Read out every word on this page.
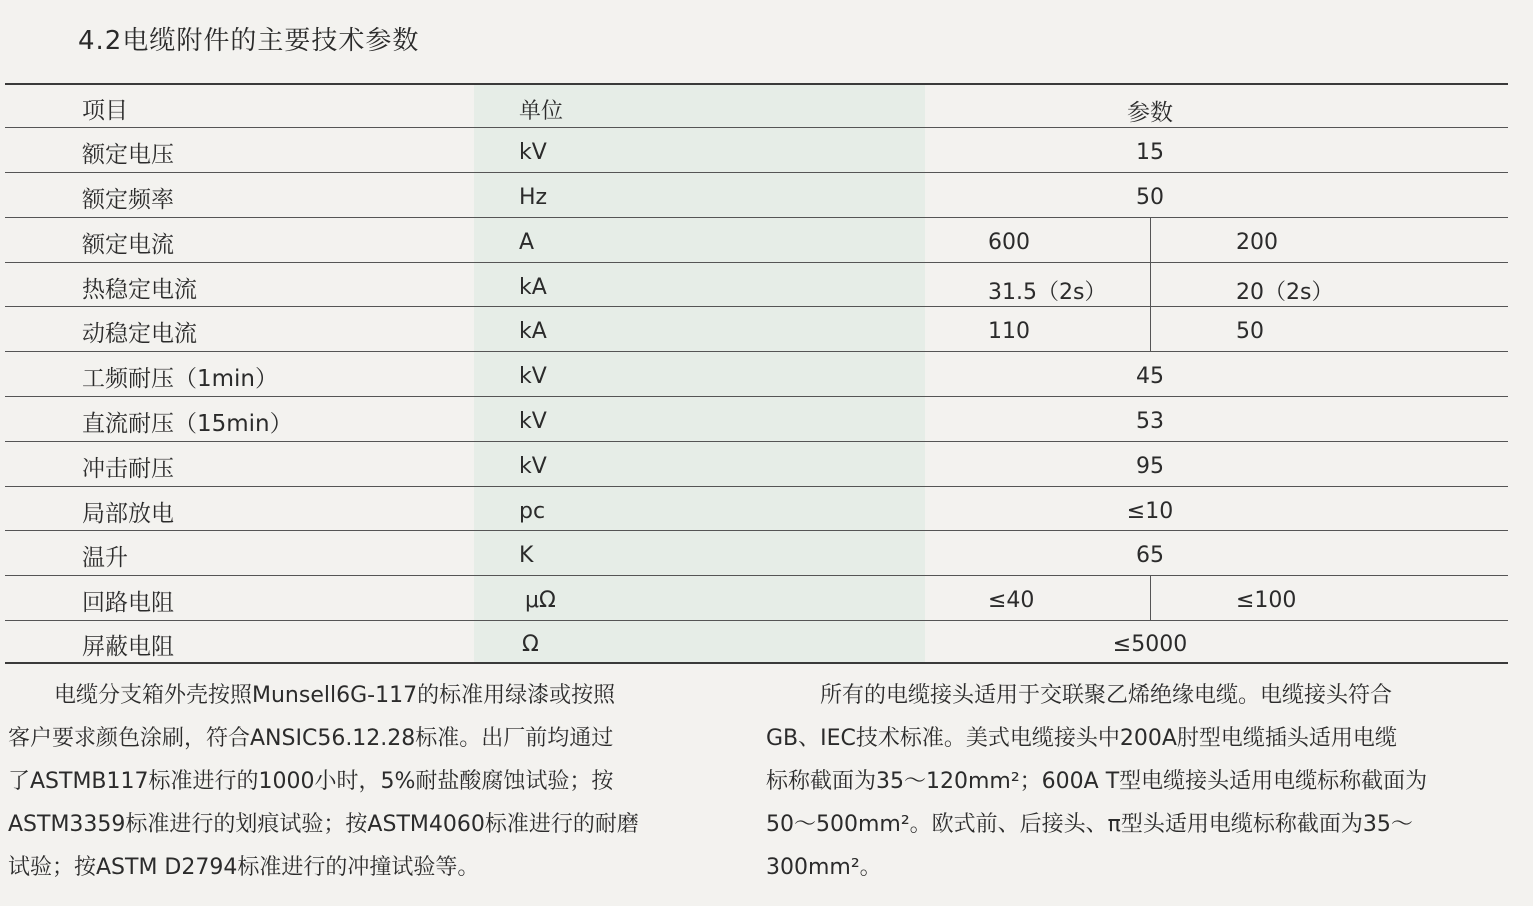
4.2电缆附件的主要技术参数
项目	单位	参数
额定电压	kV	15
额定频率	Hz	50
额定电流	A	600	200
热稳定电流	kA	31.5（2s）	20（2s）
动稳定电流	kA	110	50
工频耐压（1min）	kV	45
直流耐压（15min）	kV	53
冲击耐压	kV	95
局部放电	pc	≤10
温升	K	65
回路电阻	μΩ	≤40	≤100
屏蔽电阻	Ω	≤5000
电缆分支箱外壳按照Munsell6G-117的标准用绿漆或按照
客户要求颜色涂刷，符合ANSIC56.12.28标准。出厂前均通过
了ASTMB117标准进行的1000小时，5%耐盐酸腐蚀试验；按
ASTM3359标准进行的划痕试验；按ASTM4060标准进行的耐磨
试验；按ASTM D2794标准进行的冲撞试验等。
所有的电缆接头适用于交联聚乙烯绝缘电缆。电缆接头符合
GB、IEC技术标准。美式电缆接头中200A肘型电缆插头适用电缆
标称截面为35～120mm²；600A T型电缆接头适用电缆标称截面为
50～500mm²。欧式前、后接头、π型头适用电缆标称截面为35～
300mm²。
